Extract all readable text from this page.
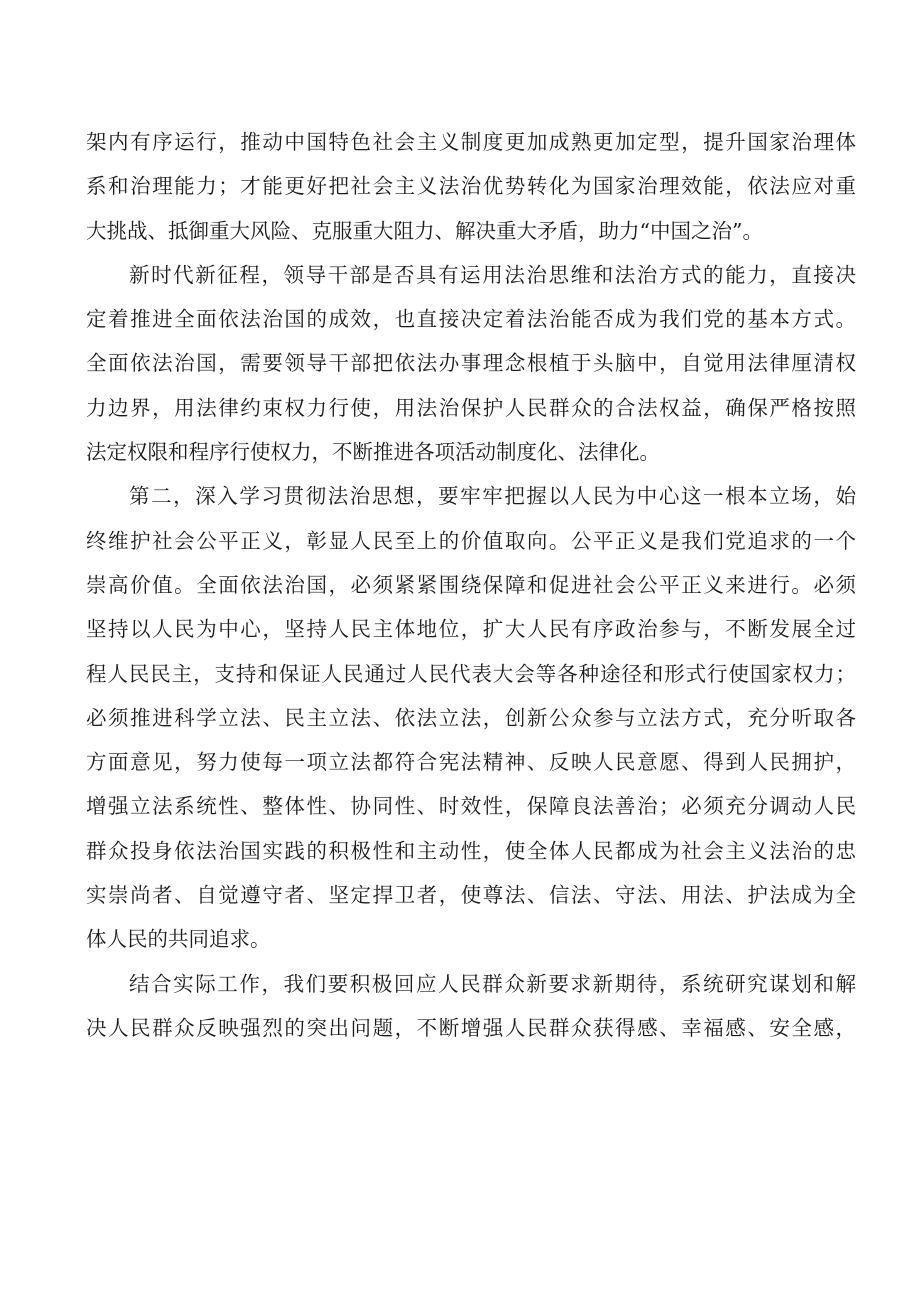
架内有序运行，推动中国特色社会主义制度更加成熟更加定型，提升国家治理体
系和治理能力；才能更好把社会主义法治优势转化为国家治理效能，依法应对重
大挑战、抵御重大风险、克服重大阻力、解决重大矛盾，助力“中国之治”。
新时代新征程，领导干部是否具有运用法治思维和法治方式的能力，直接决
定着推进全面依法治国的成效，也直接决定着法治能否成为我们党的基本方式。
全面依法治国，需要领导干部把依法办事理念根植于头脑中，自觉用法律厘清权
力边界，用法律约束权力行使，用法治保护人民群众的合法权益，确保严格按照
法定权限和程序行使权力，不断推进各项活动制度化、法律化。
第二，深入学习贯彻法治思想，要牢牢把握以人民为中心这一根本立场，始
终维护社会公平正义，彰显人民至上的价值取向。公平正义是我们党追求的一个
崇高价值。全面依法治国，必须紧紧围绕保障和促进社会公平正义来进行。必须
坚持以人民为中心，坚持人民主体地位，扩大人民有序政治参与，不断发展全过
程人民民主，支持和保证人民通过人民代表大会等各种途径和形式行使国家权力；
必须推进科学立法、民主立法、依法立法，创新公众参与立法方式，充分听取各
方面意见，努力使每一项立法都符合宪法精神、反映人民意愿、得到人民拥护，
增强立法系统性、整体性、协同性、时效性，保障良法善治；必须充分调动人民
群众投身依法治国实践的积极性和主动性，使全体人民都成为社会主义法治的忠
实崇尚者、自觉遵守者、坚定捍卫者，使尊法、信法、守法、用法、护法成为全
体人民的共同追求。
结合实际工作，我们要积极回应人民群众新要求新期待，系统研究谋划和解
决人民群众反映强烈的突出问题，不断增强人民群众获得感、幸福感、安全感，
